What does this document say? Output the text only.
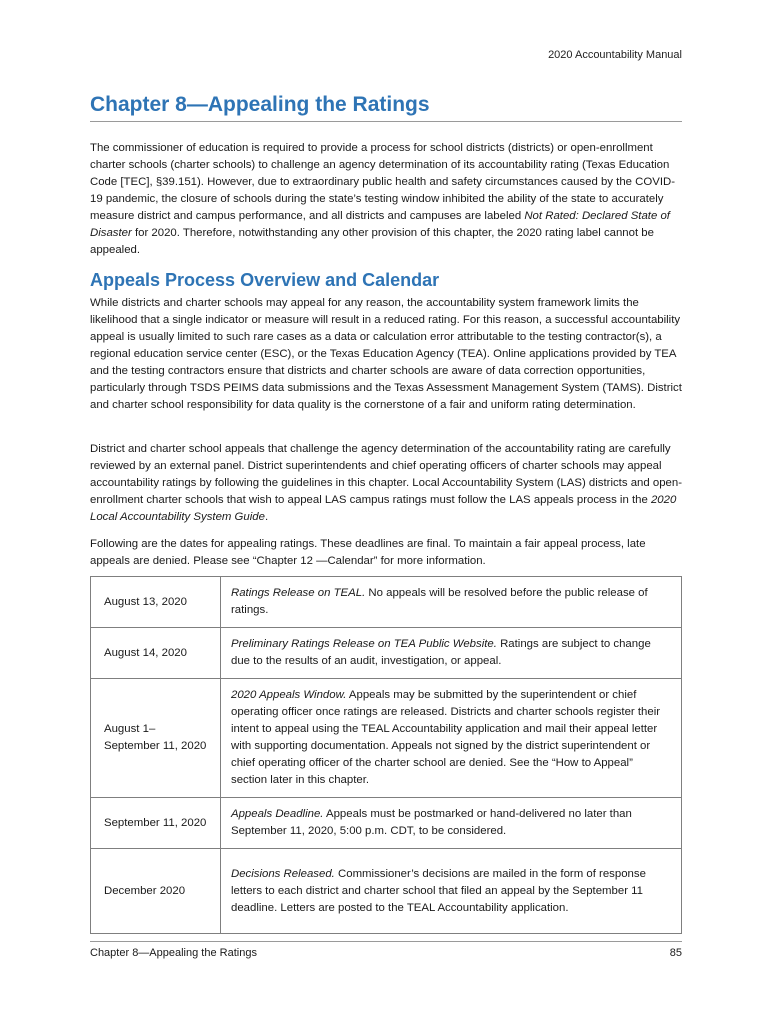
2020 Accountability Manual
Chapter 8—Appealing the Ratings

The commissioner of education is required to provide a process for school districts (districts) or open-enrollment charter schools (charter schools) to challenge an agency determination of its accountability rating (Texas Education Code [TEC], §39.151). However, due to extraordinary public health and safety circumstances caused by the COVID-19 pandemic, the closure of schools during the state’s testing window inhibited the ability of the state to accurately measure district and campus performance, and all districts and campuses are labeled Not Rated: Declared State of Disaster for 2020. Therefore, notwithstanding any other provision of this chapter, the 2020 rating label cannot be appealed.

Appeals Process Overview and Calendar

While districts and charter schools may appeal for any reason, the accountability system framework limits the likelihood that a single indicator or measure will result in a reduced rating. For this reason, a successful accountability appeal is usually limited to such rare cases as a data or calculation error attributable to the testing contractor(s), a regional education service center (ESC), or the Texas Education Agency (TEA). Online applications provided by TEA and the testing contractors ensure that districts and charter schools are aware of data correction opportunities, particularly through TSDS PEIMS data submissions and the Texas Assessment Management System (TAMS). District and charter school responsibility for data quality is the cornerstone of a fair and uniform rating determination.

District and charter school appeals that challenge the agency determination of the accountability rating are carefully reviewed by an external panel. District superintendents and chief operating officers of charter schools may appeal accountability ratings by following the guidelines in this chapter. Local Accountability System (LAS) districts and open-enrollment charter schools that wish to appeal LAS campus ratings must follow the LAS appeals process in the 2020 Local Accountability System Guide.

Following are the dates for appealing ratings. These deadlines are final. To maintain a fair appeal process, late appeals are denied. Please see “Chapter 12 —Calendar” for more information.

August 13, 2020	Ratings Release on TEAL. No appeals will be resolved before the public release of ratings.
August 14, 2020	Preliminary Ratings Release on TEA Public Website. Ratings are subject to change due to the results of an audit, investigation, or appeal.
August 1–September 11, 2020	2020 Appeals Window. Appeals may be submitted by the superintendent or chief operating officer once ratings are released. Districts and charter schools register their intent to appeal using the TEAL Accountability application and mail their appeal letter with supporting documentation. Appeals not signed by the district superintendent or chief operating officer of the charter school are denied. See the “How to Appeal” section later in this chapter.
September 11, 2020	Appeals Deadline. Appeals must be postmarked or hand-delivered no later than September 11, 2020, 5:00 p.m. CDT, to be considered.
December 2020	Decisions Released. Commissioner’s decisions are mailed in the form of response letters to each district and charter school that filed an appeal by the September 11 deadline. Letters are posted to the TEAL Accountability application.
Chapter 8—Appealing the Ratings	85
